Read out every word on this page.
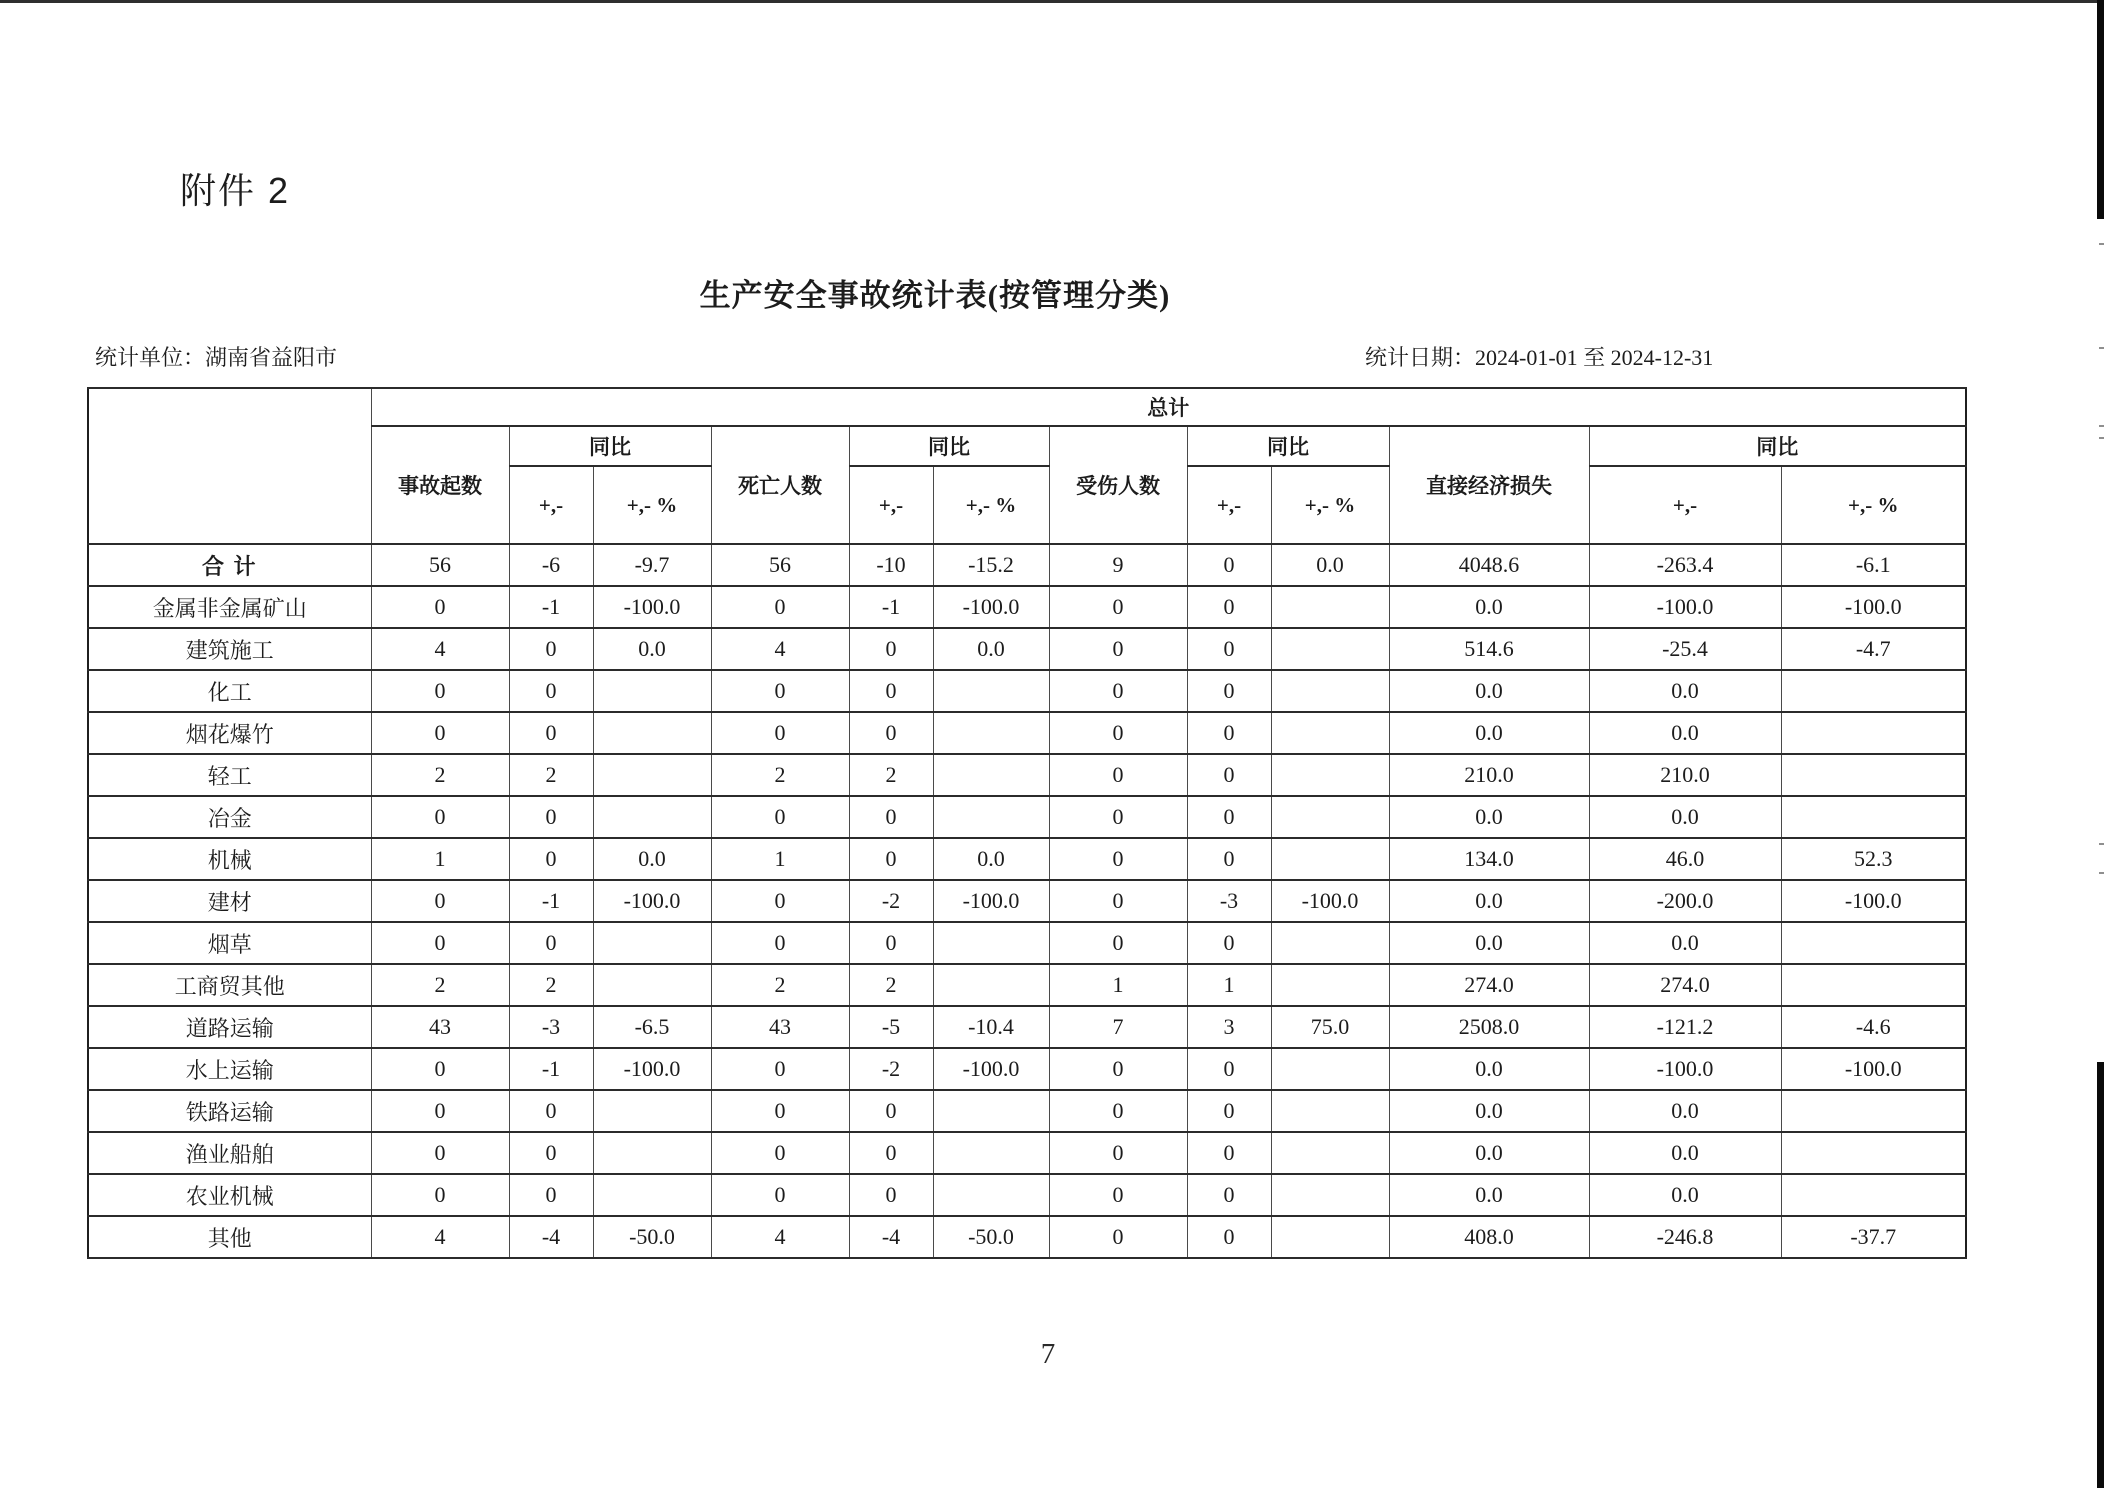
附件 2
生产安全事故统计表(按管理分类)
统计单位：湖南省益阳市	统计日期：2024-01-01 至 2024-12-31
	总计											
	事故起数	同比		死亡人数	同比		受伤人数	同比		直接经济损失	同比	
		+,-	+,- %		+,-	+,- %		+,-	+,- %		+,-	+,- %
合 计	56	-6	-9.7	56	-10	-15.2	9	0	0.0	4048.6	-263.4	-6.1
金属非金属矿山	0	-1	-100.0	0	-1	-100.0	0	0		0.0	-100.0	-100.0
建筑施工	4	0	0.0	4	0	0.0	0	0		514.6	-25.4	-4.7
化工	0	0		0	0		0	0		0.0	0.0	
烟花爆竹	0	0		0	0		0	0		0.0	0.0	
轻工	2	2		2	2		0	0		210.0	210.0	
冶金	0	0		0	0		0	0		0.0	0.0	
机械	1	0	0.0	1	0	0.0	0	0		134.0	46.0	52.3
建材	0	-1	-100.0	0	-2	-100.0	0	-3	-100.0	0.0	-200.0	-100.0
烟草	0	0		0	0		0	0		0.0	0.0	
工商贸其他	2	2		2	2		1	1		274.0	274.0	
道路运输	43	-3	-6.5	43	-5	-10.4	7	3	75.0	2508.0	-121.2	-4.6
水上运输	0	-1	-100.0	0	-2	-100.0	0	0		0.0	-100.0	-100.0
铁路运输	0	0		0	0		0	0		0.0	0.0	
渔业船舶	0	0		0	0		0	0		0.0	0.0	
农业机械	0	0		0	0		0	0		0.0	0.0	
其他	4	-4	-50.0	4	-4	-50.0	0	0		408.0	-246.8	-37.7
7
